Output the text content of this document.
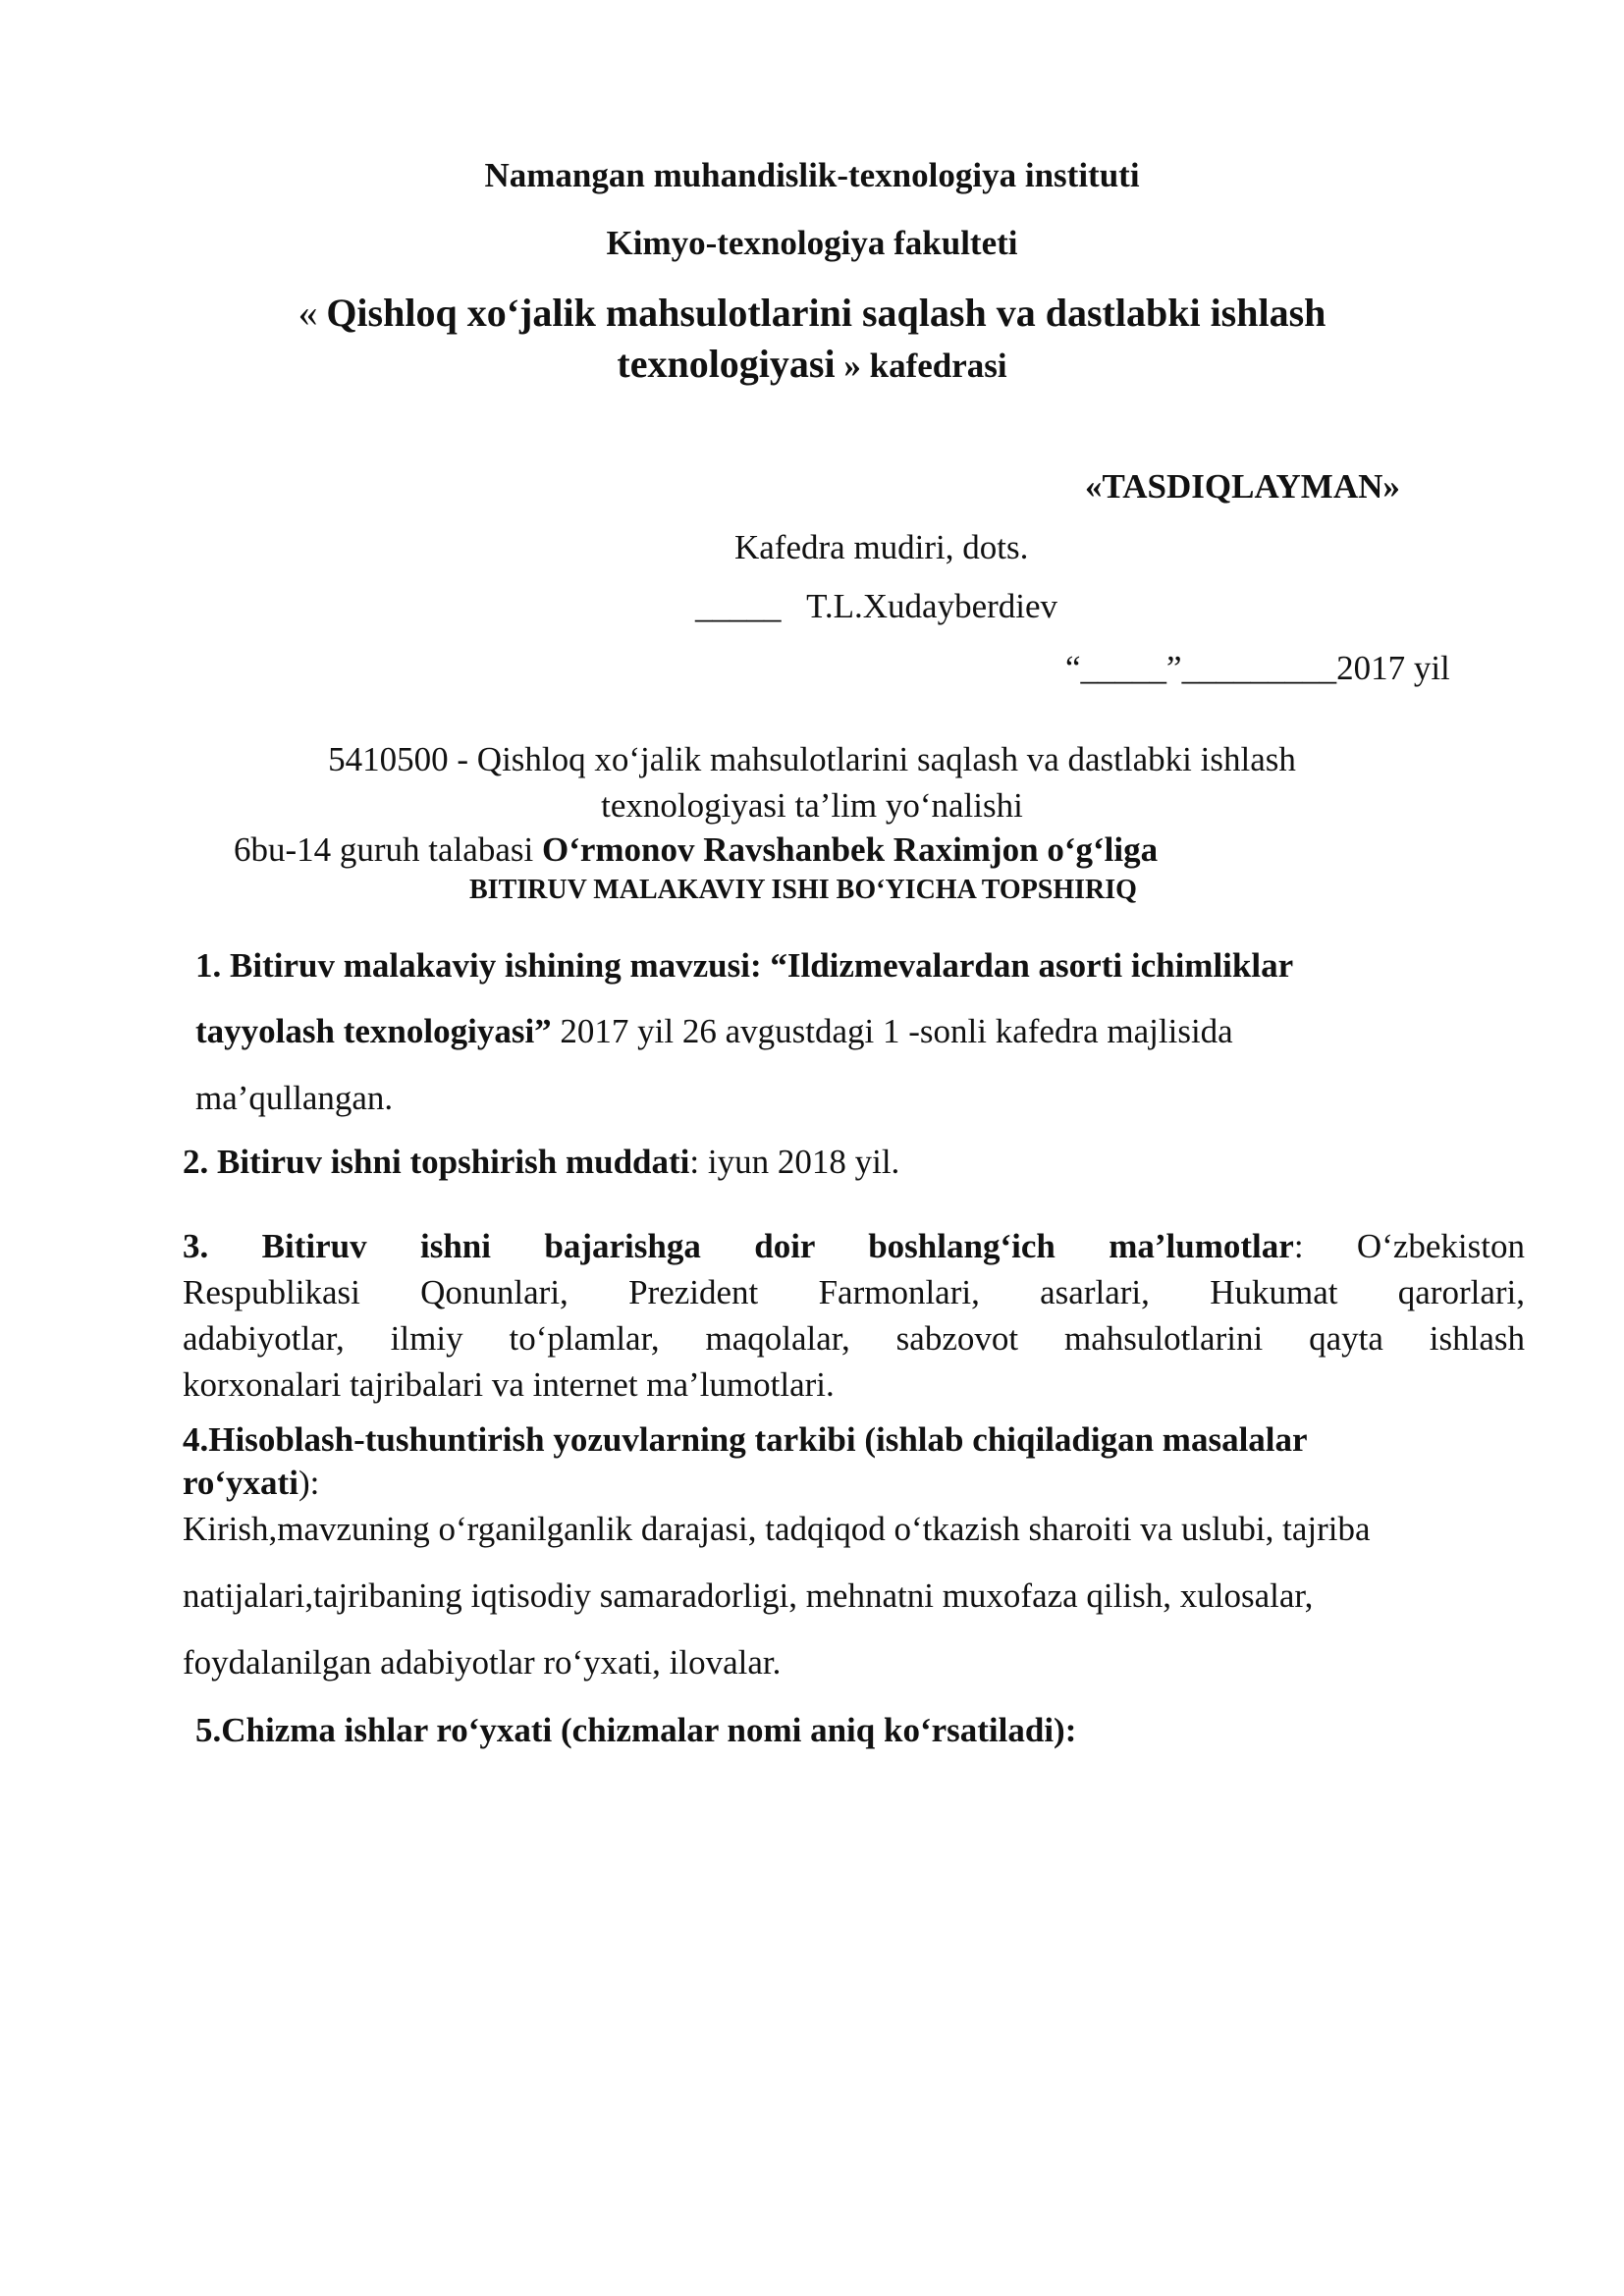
Namangan muhandislik-texnologiya instituti
Kimyo-texnologiya fakulteti
« Qishloq xo‘jalik mahsulotlarini saqlash va dastlabki ishlash
texnologiyasi » kafedrasi
«TASDIQLAYMAN»
Kafedra mudiri, dots.
_____ T.L.Xudayberdiev
“_____”_________2017 yil
5410500 - Qishloq xo‘jalik mahsulotlarini saqlash va dastlabki ishlash
texnologiyasi ta’lim yo‘nalishi
6bu-14 guruh talabasi O‘rmonov Ravshanbek Raximjon o‘g‘liga
BITIRUV MALAKAVIY ISHI BO‘YICHA TOPSHIRIQ
1. Bitiruv malakaviy ishining mavzusi: “Ildizmevalardan asorti ichimliklar
tayyolash texnologiyasi” 2017 yil 26 avgustdagi 1 -sonli kafedra majlisida
ma’qullangan.
2. Bitiruv ishni topshirish muddati: iyun 2018 yil.
3. Bitiruv ishni bajarishga doir boshlang‘ich ma’lumotlar: O‘zbekiston
Respublikasi Qonunlari, Prezident Farmonlari, asarlari, Hukumat qarorlari,
adabiyotlar, ilmiy to‘plamlar, maqolalar, sabzovot mahsulotlarini qayta ishlash
korxonalari tajribalari va internet ma’lumotlari.
4.Hisoblash-tushuntirish yozuvlarning tarkibi (ishlab chiqiladigan masalalar
ro‘yxati):
Kirish,mavzuning o‘rganilganlik darajasi, tadqiqod o‘tkazish sharoiti va uslubi, tajriba
natijalari,tajribaning iqtisodiy samaradorligi, mehnatni muxofaza qilish, xulosalar,
foydalanilgan adabiyotlar ro‘yxati, ilovalar.
5.Chizma ishlar ro‘yxati (chizmalar nomi aniq ko‘rsatiladi):
